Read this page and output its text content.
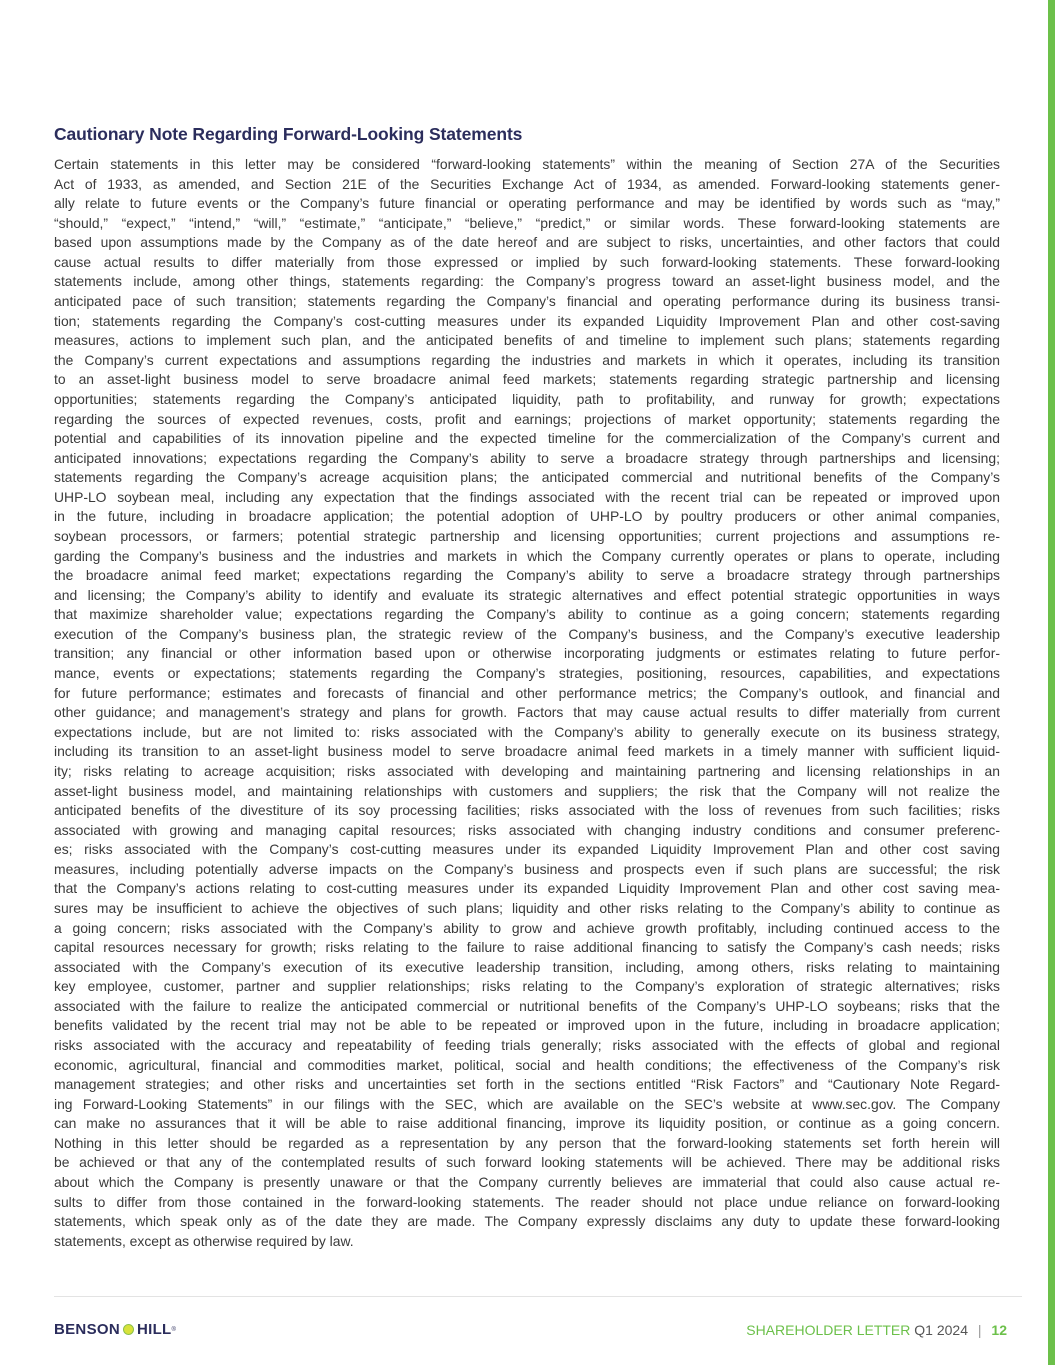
Cautionary Note Regarding Forward-Looking Statements
Certain statements in this letter may be considered “forward-looking statements” within the meaning of Section 27A of the Securities
Act of 1933, as amended, and Section 21E of the Securities Exchange Act of 1934, as amended. Forward-looking statements gener-
ally relate to future events or the Company’s future financial or operating performance and may be identified by words such as “may,”
“should,” “expect,” “intend,” “will,” “estimate,” “anticipate,” “believe,” “predict,” or similar words. These forward-looking statements are
based upon assumptions made by the Company as of the date hereof and are subject to risks, uncertainties, and other factors that could
cause actual results to differ materially from those expressed or implied by such forward-looking statements. These forward-looking
statements include, among other things, statements regarding: the Company’s progress toward an asset-light business model, and the
anticipated pace of such transition; statements regarding the Company’s financial and operating performance during its business transi-
tion; statements regarding the Company’s cost-cutting measures under its expanded Liquidity Improvement Plan and other cost-saving
measures, actions to implement such plan, and the anticipated benefits of and timeline to implement such plans; statements regarding
the Company’s current expectations and assumptions regarding the industries and markets in which it operates, including its transition
to an asset-light business model to serve broadacre animal feed markets; statements regarding strategic partnership and licensing
opportunities; statements regarding the Company’s anticipated liquidity, path to profitability, and runway for growth; expectations
regarding the sources of expected revenues, costs, profit and earnings; projections of market opportunity; statements regarding the
potential and capabilities of its innovation pipeline and the expected timeline for the commercialization of the Company’s current and
anticipated innovations; expectations regarding the Company’s ability to serve a broadacre strategy through partnerships and licensing;
statements regarding the Company’s acreage acquisition plans; the anticipated commercial and nutritional benefits of the Company’s
UHP-LO soybean meal, including any expectation that the findings associated with the recent trial can be repeated or improved upon
in the future, including in broadacre application; the potential adoption of UHP-LO by poultry producers or other animal companies,
soybean processors, or farmers; potential strategic partnership and licensing opportunities; current projections and assumptions re-
garding the Company’s business and the industries and markets in which the Company currently operates or plans to operate, including
the broadacre animal feed market; expectations regarding the Company’s ability to serve a broadacre strategy through partnerships
and licensing; the Company’s ability to identify and evaluate its strategic alternatives and effect potential strategic opportunities in ways
that maximize shareholder value; expectations regarding the Company’s ability to continue as a going concern; statements regarding
execution of the Company’s business plan, the strategic review of the Company’s business, and the Company’s executive leadership
transition; any financial or other information based upon or otherwise incorporating judgments or estimates relating to future perfor-
mance, events or expectations; statements regarding the Company’s strategies, positioning, resources, capabilities, and expectations
for future performance; estimates and forecasts of financial and other performance metrics; the Company’s outlook, and financial and
other guidance; and management’s strategy and plans for growth. Factors that may cause actual results to differ materially from current
expectations include, but are not limited to: risks associated with the Company’s ability to generally execute on its business strategy,
including its transition to an asset-light business model to serve broadacre animal feed markets in a timely manner with sufficient liquid-
ity; risks relating to acreage acquisition; risks associated with developing and maintaining partnering and licensing relationships in an
asset-light business model, and maintaining relationships with customers and suppliers; the risk that the Company will not realize the
anticipated benefits of the divestiture of its soy processing facilities; risks associated with the loss of revenues from such facilities; risks
associated with growing and managing capital resources; risks associated with changing industry conditions and consumer preferenc-
es; risks associated with the Company’s cost-cutting measures under its expanded Liquidity Improvement Plan and other cost saving
measures, including potentially adverse impacts on the Company’s business and prospects even if such plans are successful; the risk
that the Company’s actions relating to cost-cutting measures under its expanded Liquidity Improvement Plan and other cost saving mea-
sures may be insufficient to achieve the objectives of such plans; liquidity and other risks relating to the Company’s ability to continue as
a going concern; risks associated with the Company’s ability to grow and achieve growth profitably, including continued access to the
capital resources necessary for growth; risks relating to the failure to raise additional financing to satisfy the Company’s cash needs; risks
associated with the Company’s execution of its executive leadership transition, including, among others, risks relating to maintaining
key employee, customer, partner and supplier relationships; risks relating to the Company’s exploration of strategic alternatives; risks
associated with the failure to realize the anticipated commercial or nutritional benefits of the Company’s UHP-LO soybeans; risks that the
benefits validated by the recent trial may not be able to be repeated or improved upon in the future, including in broadacre application;
risks associated with the accuracy and repeatability of feeding trials generally; risks associated with the effects of global and regional
economic, agricultural, financial and commodities market, political, social and health conditions; the effectiveness of the Company’s risk
management strategies; and other risks and uncertainties set forth in the sections entitled “Risk Factors” and “Cautionary Note Regard-
ing Forward-Looking Statements” in our filings with the SEC, which are available on the SEC’s website at www.sec.gov. The Company
can make no assurances that it will be able to raise additional financing, improve its liquidity position, or continue as a going concern.
Nothing in this letter should be regarded as a representation by any person that the forward-looking statements set forth herein will
be achieved or that any of the contemplated results of such forward looking statements will be achieved. There may be additional risks
about which the Company is presently unaware or that the Company currently believes are immaterial that could also cause actual re-
sults to differ from those contained in the forward-looking statements. The reader should not place undue reliance on forward-looking
statements, which speak only as of the date they are made. The Company expressly disclaims any duty to update these forward-looking
statements, except as otherwise required by law.
BENSON HILL ®	SHAREHOLDER LETTER Q1 2024 | 12
